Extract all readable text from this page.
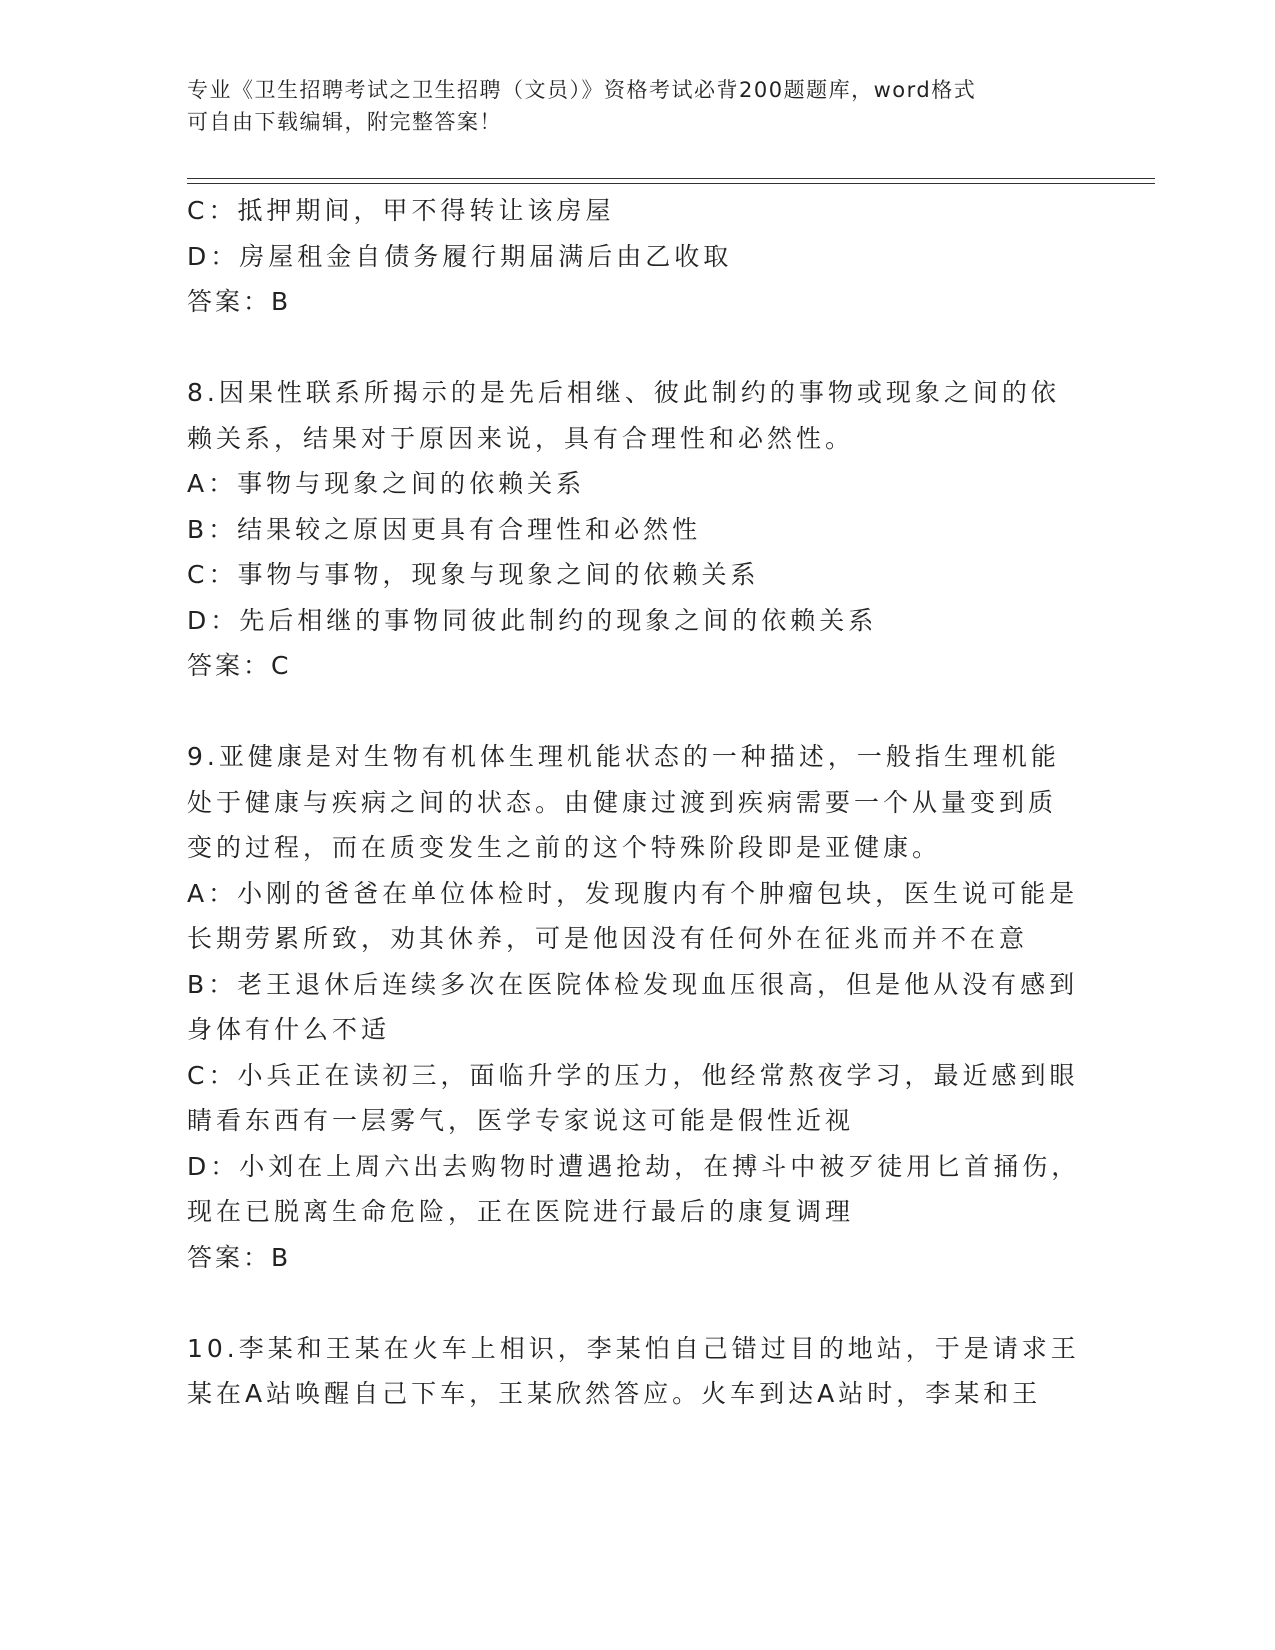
专业《卫生招聘考试之卫生招聘（文员）》资格考试必背200题题库，word格式
可自由下载编辑，附完整答案！
C：抵押期间，甲不得转让该房屋
D：房屋租金自债务履行期届满后由乙收取
答案：B
8.因果性联系所揭示的是先后相继、彼此制约的事物或现象之间的依
赖关系，结果对于原因来说，具有合理性和必然性。
A：事物与现象之间的依赖关系
B：结果较之原因更具有合理性和必然性
C：事物与事物，现象与现象之间的依赖关系
D：先后相继的事物同彼此制约的现象之间的依赖关系
答案：C
9.亚健康是对生物有机体生理机能状态的一种描述，一般指生理机能
处于健康与疾病之间的状态。由健康过渡到疾病需要一个从量变到质
变的过程，而在质变发生之前的这个特殊阶段即是亚健康。
A：小刚的爸爸在单位体检时，发现腹内有个肿瘤包块，医生说可能是
长期劳累所致，劝其休养，可是他因没有任何外在征兆而并不在意
B：老王退休后连续多次在医院体检发现血压很高，但是他从没有感到
身体有什么不适
C：小兵正在读初三，面临升学的压力，他经常熬夜学习，最近感到眼
睛看东西有一层雾气，医学专家说这可能是假性近视
D：小刘在上周六出去购物时遭遇抢劫，在搏斗中被歹徒用匕首捅伤，
现在已脱离生命危险，正在医院进行最后的康复调理
答案：B
10.李某和王某在火车上相识，李某怕自己错过目的地站，于是请求王
某在A站唤醒自己下车，王某欣然答应。火车到达A站时，李某和王
